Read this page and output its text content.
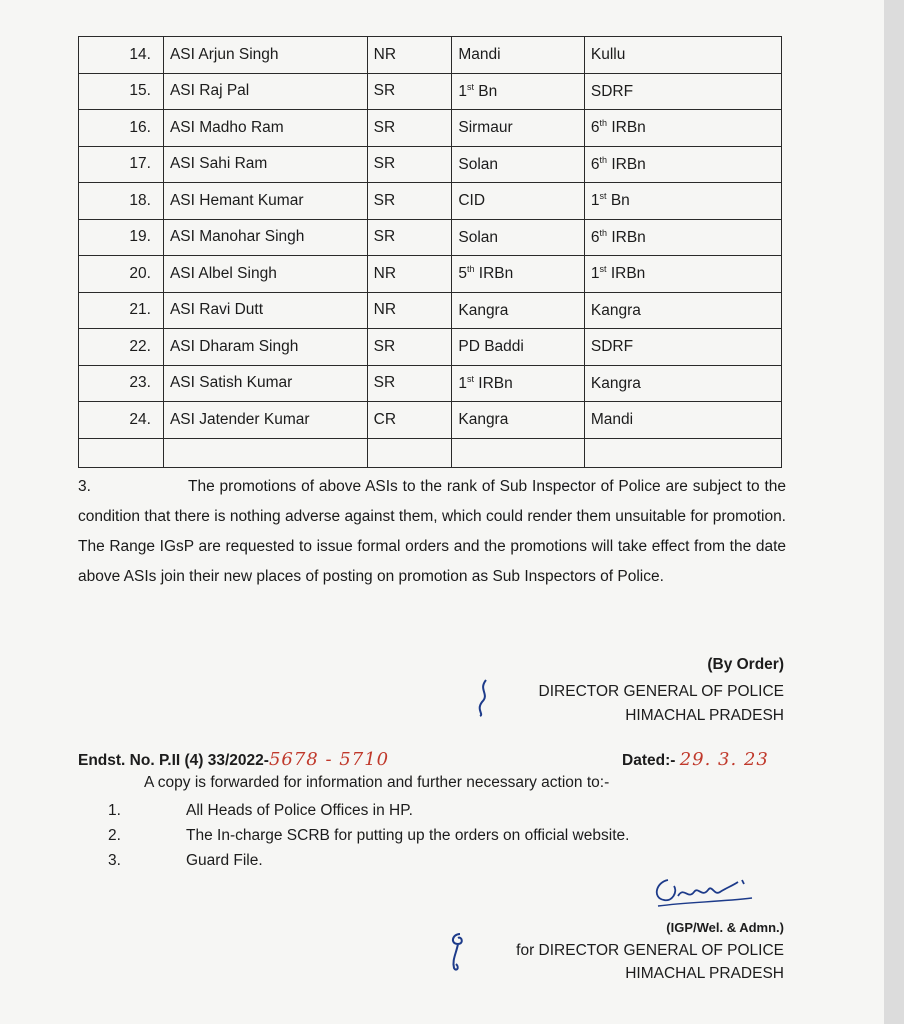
14.	ASI Arjun Singh	NR	Mandi	Kullu
15.	ASI Raj Pal	SR	1st Bn	SDRF
16.	ASI Madho Ram	SR	Sirmaur	6th IRBn
17.	ASI Sahi Ram	SR	Solan	6th IRBn
18.	ASI Hemant Kumar	SR	CID	1st Bn
19.	ASI Manohar Singh	SR	Solan	6th IRBn
20.	ASI Albel Singh	NR	5th IRBn	1st IRBn
21.	ASI Ravi Dutt	NR	Kangra	Kangra
22.	ASI Dharam Singh	SR	PD Baddi	SDRF
23.	ASI Satish Kumar	SR	1st IRBn	Kangra
24.	ASI Jatender Kumar	CR	Kangra	Mandi

3.	The promotions of above ASIs to the rank of Sub Inspector of Police are subject to the condition that there is nothing adverse against them, which could render them unsuitable for promotion. The Range IGsP are requested to issue formal orders and the promotions will take effect from the date above ASIs join their new places of posting on promotion as Sub Inspectors of Police.
(By Order)
DIRECTOR GENERAL OF POLICE
HIMACHAL PRADESH
Endst. No. P.II (4) 33/2022-5678 - 5710	Dated:- 29. 3. 23
A copy is forwarded for information and further necessary action to:-
1.	All Heads of Police Offices in HP.
2.	The In-charge SCRB for putting up the orders on official website.
3.	Guard File.
(IGP/Wel. & Admn.)
for DIRECTOR GENERAL OF POLICE
HIMACHAL PRADESH
